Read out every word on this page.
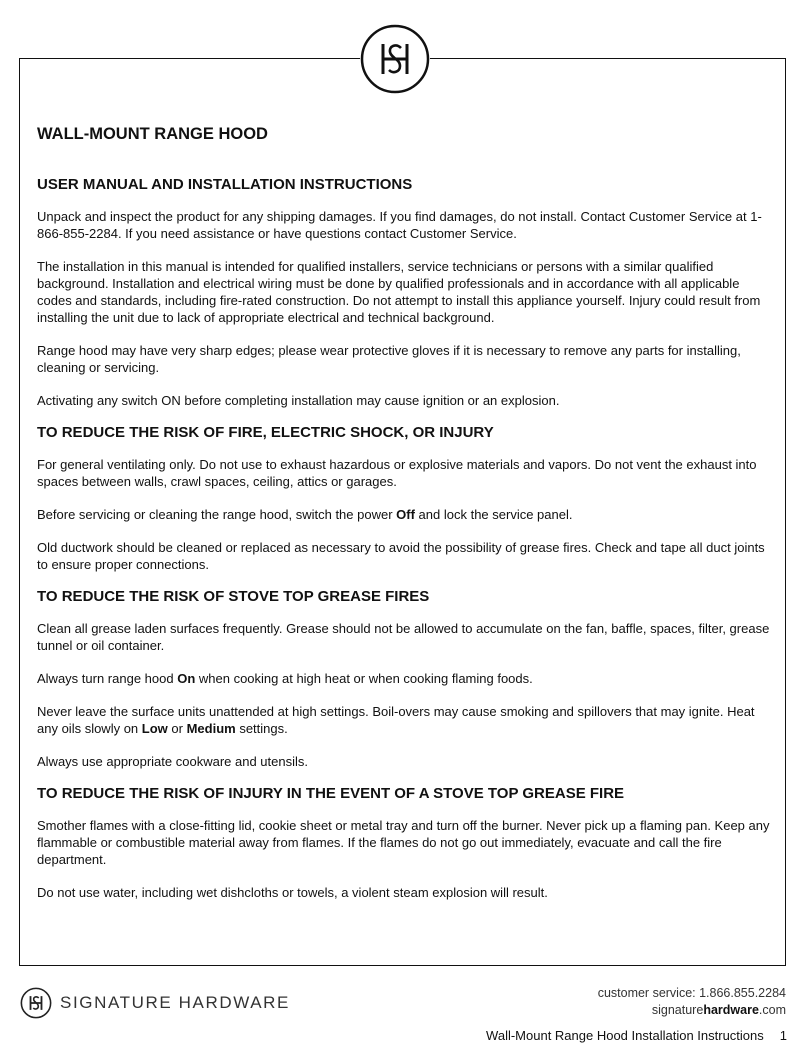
WALL-MOUNT RANGE HOOD
USER MANUAL AND INSTALLATION INSTRUCTIONS

Unpack and inspect the product for any shipping damages. If you find damages, do not install. Contact Customer Service at 1-866-855-2284. If you need assistance or have questions contact Customer Service.

The installation in this manual is intended for qualified installers, service technicians or persons with a similar qualified background. Installation and electrical wiring must be done by qualified professionals and in accordance with all applicable codes and standards, including fire-rated construction. Do not attempt to install this appliance yourself. Injury could result from installing the unit due to lack of appropriate electrical and technical background.

Range hood may have very sharp edges; please wear protective gloves if it is necessary to remove any parts for installing, cleaning or servicing.

Activating any switch ON before completing installation may cause ignition or an explosion.

TO REDUCE THE RISK OF FIRE, ELECTRIC SHOCK, OR INJURY

For general ventilating only. Do not use to exhaust hazardous or explosive materials and vapors. Do not vent the exhaust into spaces between walls, crawl spaces, ceiling, attics or garages.

Before servicing or cleaning the range hood, switch the power Off and lock the service panel.

Old ductwork should be cleaned or replaced as necessary to avoid the possibility of grease fires. Check and tape all duct joints to ensure proper connections.

TO REDUCE THE RISK OF STOVE TOP GREASE FIRES

Clean all grease laden surfaces frequently. Grease should not be allowed to accumulate on the fan, baffle, spaces, filter, grease tunnel or oil container.

Always turn range hood On when cooking at high heat or when cooking flaming foods.

Never leave the surface units unattended at high settings. Boil-overs may cause smoking and spillovers that may ignite. Heat any oils slowly on Low or Medium settings.

Always use appropriate cookware and utensils.

TO REDUCE THE RISK OF INJURY IN THE EVENT OF A STOVE TOP GREASE FIRE

Smother flames with a close-fitting lid, cookie sheet or metal tray and turn off the burner. Never pick up a flaming pan. Keep any flammable or combustible material away from flames. If the flames do not go out immediately, evacuate and call the fire department.

Do not use water, including wet dishcloths or towels, a violent steam explosion will result.

SIGNATURE HARDWARE	customer service: 1.866.855.2284
signaturehardware.com
Wall-Mount Range Hood Installation Instructions 1
